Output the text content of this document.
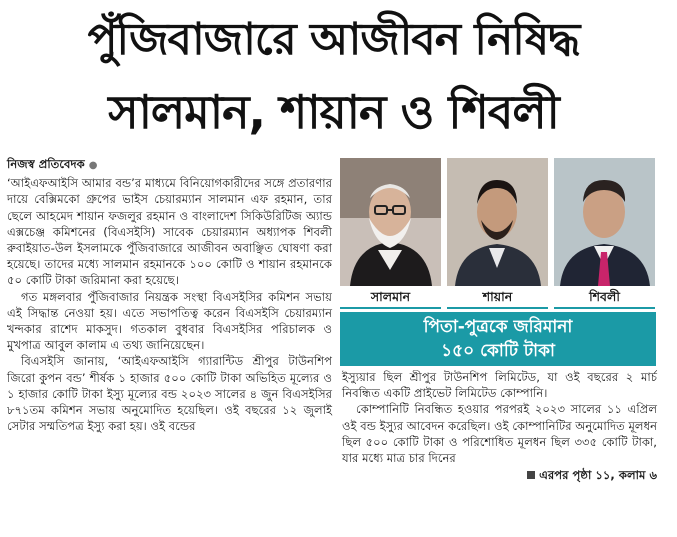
পুঁজিবাজারে আজীবন নিষিদ্ধ
সালমান, শায়ান ও শিবলী
নিজস্ব প্রতিবেদক ●

‘আইএফআইসি আমার বন্ড’র মাধ্যমে বিনিয়োগকারীদের সঙ্গে প্রতারণার দায়ে বেক্সিমকো গ্রুপের ভাইস চেয়ারম্যান সালমান এফ রহমান, তার ছেলে আহমেদ শায়ান ফজলুর রহমান ও বাংলাদেশ সিকিউরিটিজ অ্যান্ড এক্সচেঞ্জ কমিশনের (বিএসইসি) সাবেক চেয়ারম্যান অধ্যাপক শিবলী রুবাইয়াত-উল ইসলামকে পুঁজিবাজারে আজীবন অবাঞ্ছিত ঘোষণা করা হয়েছে। তাদের মধ্যে সালমান রহমানকে ১০০ কোটি ও শায়ান রহমানকে ৫০ কোটি টাকা জরিমানা করা হয়েছে।

গত মঙ্গলবার পুঁজিবাজার নিয়ন্ত্রক সংস্থা বিএসইসির কমিশন সভায় এই সিদ্ধান্ত নেওয়া হয়। এতে সভাপতিত্ব করেন বিএসইসি চেয়ারম্যান খন্দকার রাশেদ মাকসুদ। গতকাল বুধবার বিএসইসির পরিচালক ও মুখপাত্র আবুল কালাম এ তথ্য জানিয়েছেন।

বিএসইসি জানায়, ‘আইএফআইসি গ্যারান্টিড শ্রীপুর টাউনশিপ জিরো কুপন বন্ড’ শীর্ষক ১ হাজার ৫০০ কোটি টাকা অভিহিত মূল্যের ও ১ হাজার কোটি টাকা ইস্যু মূল্যের বন্ড ২০২৩ সালের ৪ জুন বিএসইসির ৮৭১তম কমিশন সভায় অনুমোদিত হয়েছিল। ওই বছরের ১২ জুলাই সেটার সম্মতিপত্র ইস্যু করা হয়। ওই বন্ডের

সালমান	শায়ান	শিবলী
পিতা-পুত্রকে জরিমানা
১৫০ কোটি টাকা

ইস্যুয়ার ছিল শ্রীপুর টাউনশিপ লিমিটেড, যা ওই বছরের ২ মার্চ নিবন্ধিত একটি প্রাইভেট লিমিটেড কোম্পানি।

কোম্পানিটি নিবন্ধিত হওয়ার পরপরই ২০২৩ সালের ১১ এপ্রিল ওই বন্ড ইস্যুর আবেদন করেছিল। ওই কোম্পানিটির অনুমোদিত মূলধন ছিল ৫০০ কোটি টাকা ও পরিশোধিত মূলধন ছিল ৩৩৫ কোটি টাকা, যার মধ্যে মাত্র চার দিনের

এরপর পৃষ্ঠা ১১, কলাম ৬
